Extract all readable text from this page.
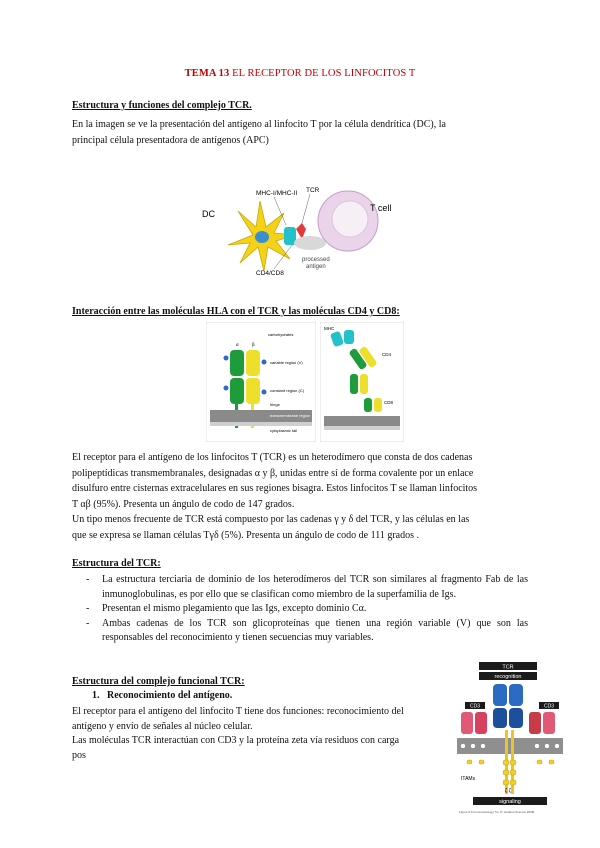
TEMA 13 EL RECEPTOR DE LOS LINFOCITOS T
Estructura y funciones del complejo TCR.
En la imagen se ve la presentación del antígeno al linfocito T por la célula dendrítica (DC), la
principal célula presentadora de antígenos (APC)
DC
T cell
MHC-I/MHC-II TCR
CD4/CD8
processed
antigen
Interacción entre las moléculas HLA con el TCR y las moléculas CD4 y CD8:
α	β
carbohydrates
variable region (V)
constant region (C)
hinge
transmembrane region
cytoplasmic tail
MHC
CD4
CD8
El receptor para el antígeno de los linfocitos T (TCR) es un heterodímero que consta de dos cadenas
polipeptídicas transmembranales, designadas α y β, unidas entre sí de forma covalente por un enlace
disulfuro entre cisternas extracelulares en sus regiones bisagra. Estos linfocitos T se llaman linfocitos
T αβ (95%). Presenta un ángulo de codo de 147 grados.
Un tipo menos frecuente de TCR está compuesto por las cadenas γ y δ del TCR, y las células en las
que se expresa se llaman células Tγδ (5%). Presenta un ángulo de codo de 111 grados .
Estructura del TCR:
- La estructura terciaria de dominio de los heterodímeros del TCR son similares al fragmento Fab de las inmunoglobulinas, es por ello que se clasifican como miembro de la superfamilia de Igs.
- Presentan el mismo plegamiento que las Igs, excepto dominio Cα.
- Ambas cadenas de los TCR son glicoproteínas que tienen una región variable (V) que son las responsables del reconocimiento y tienen secuencias muy variables.
Estructura del complejo funcional TCR:
1. Reconocimiento del antígeno.
El receptor para el antígeno del linfocito T tiene dos funciones: reconocimiento del
antígeno y envío de señales al núcleo celular.
Las moléculas TCR interactúan con CD3 y la proteína zeta vía residuos con carga
pos
TCR
recognition
CD3	CD3
ITAMs
ζ ζ
signaling
Figure 6-6 Immunobiology 7/e (© Garland Science 2008)
